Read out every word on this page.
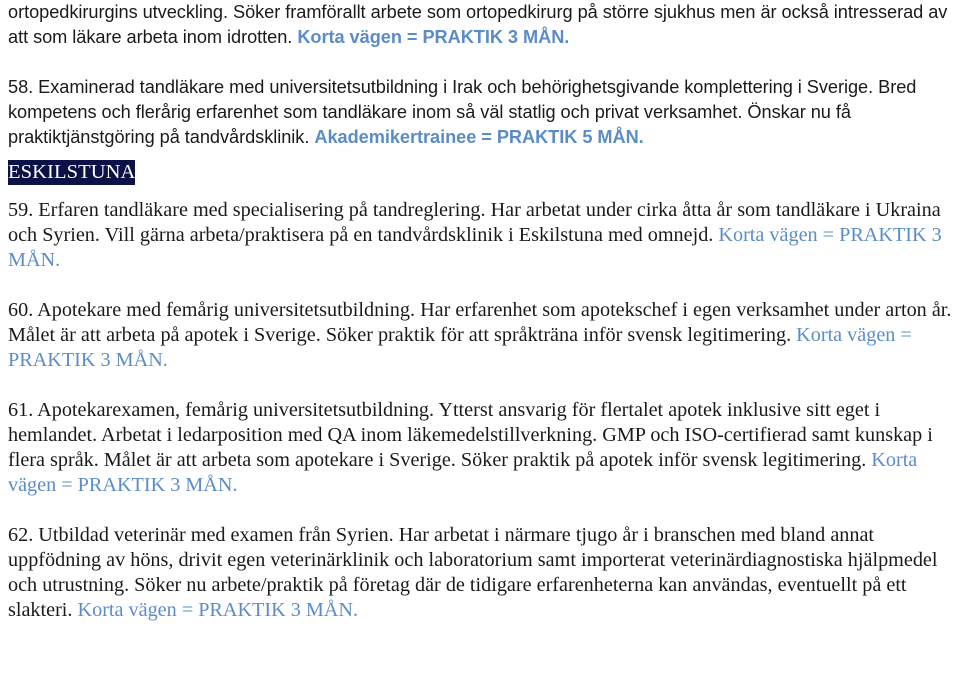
ortopedkirurgins utveckling. Söker framförallt arbete som ortopedkirurg på större sjukhus men är också intresserad av att som läkare arbeta inom idrotten. Korta vägen = PRAKTIK 3 MÅN.

58. Examinerad tandläkare med universitetsutbildning i Irak och behörighetsgivande komplettering i Sverige. Bred kompetens och flerårig erfarenhet som tandläkare inom så väl statlig och privat verksamhet. Önskar nu få praktiktjänstgöring på tandvårdsklinik. Akademikertrainee = PRAKTIK 5 MÅN.

ESKILSTUNA

59. Erfaren tandläkare med specialisering på tandreglering. Har arbetat under cirka åtta år som tandläkare i Ukraina och Syrien. Vill gärna arbeta/praktisera på en tandvårdsklinik i Eskilstuna med omnejd. Korta vägen = PRAKTIK 3 MÅN.

60. Apotekare med femårig universitetsutbildning. Har erfarenhet som apotekschef i egen verksamhet under arton år. Målet är att arbeta på apotek i Sverige. Söker praktik för att språkträna inför svensk legitimering. Korta vägen = PRAKTIK 3 MÅN.

61. Apotekarexamen, femårig universitetsutbildning. Ytterst ansvarig för flertalet apotek inklusive sitt eget i hemlandet. Arbetat i ledarposition med QA inom läkemedelstillverkning. GMP och ISO-certifierad samt kunskap i flera språk. Målet är att arbeta som apotekare i Sverige. Söker praktik på apotek inför svensk legitimering. Korta vägen = PRAKTIK 3 MÅN.

62. Utbildad veterinär med examen från Syrien. Har arbetat i närmare tjugo år i branschen med bland annat uppfödning av höns, drivit egen veterinärklinik och laboratorium samt importerat veterinärdiagnostiska hjälpmedel och utrustning. Söker nu arbete/praktik på företag där de tidigare erfarenheterna kan användas, eventuellt på ett slakteri. Korta vägen = PRAKTIK 3 MÅN.
